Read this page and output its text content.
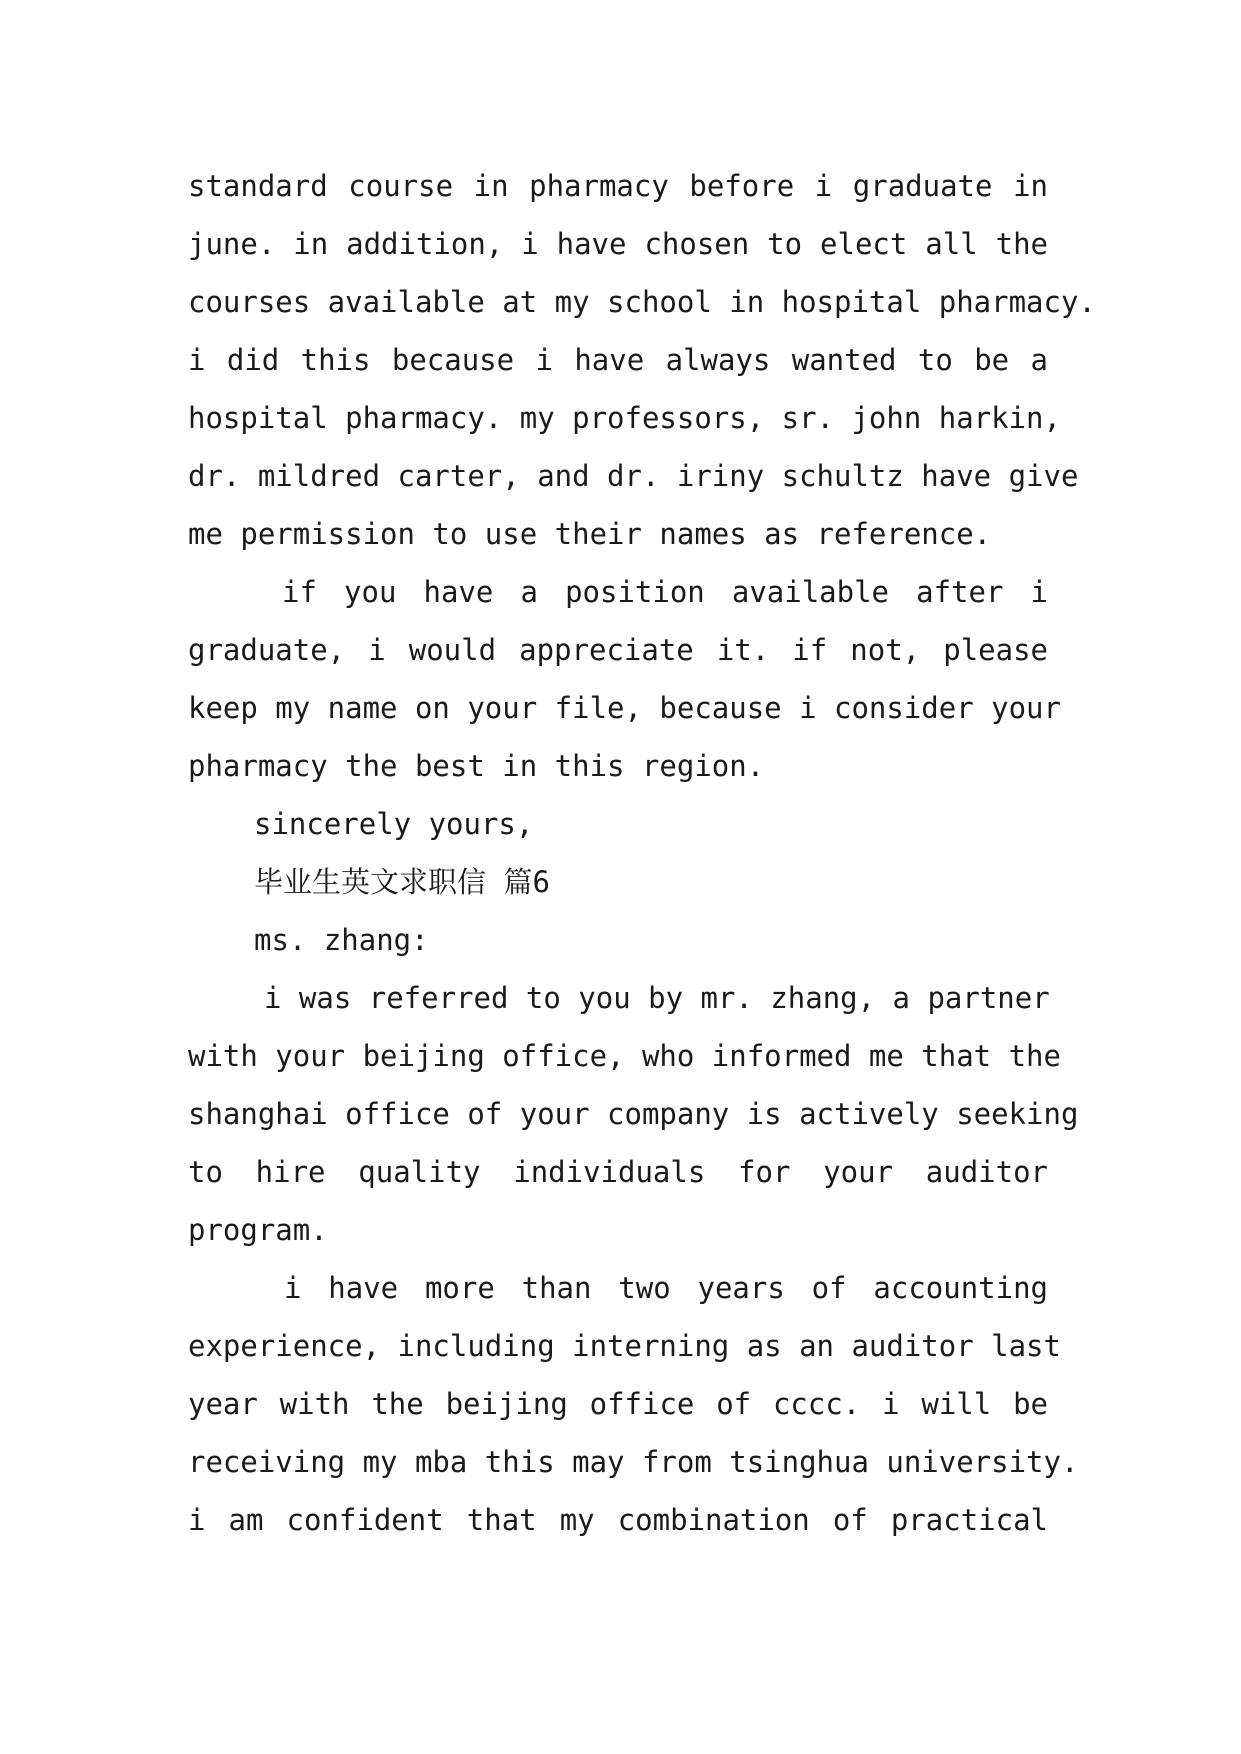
standard course in pharmacy before i graduate in
june. in addition, i have chosen to elect all the
courses available at my school in hospital pharmacy.
i did this because i have always wanted to be a
hospital pharmacy. my professors, sr. john harkin,
dr. mildred carter, and dr. iriny schultz have give
me permission to use their names as reference.
if you have a position available after i
graduate, i would appreciate it. if not, please
keep my name on your file, because i consider your
pharmacy the best in this region.
sincerely yours,
毕业生英文求职信 篇6
ms. zhang:
i was referred to you by mr. zhang, a partner
with your beijing office, who informed me that the
shanghai office of your company is actively seeking
to hire quality individuals for your auditor
program.
i have more than two years of accounting
experience, including interning as an auditor last
year with the beijing office of cccc. i will be
receiving my mba this may from tsinghua university.
i am confident that my combination of practical
